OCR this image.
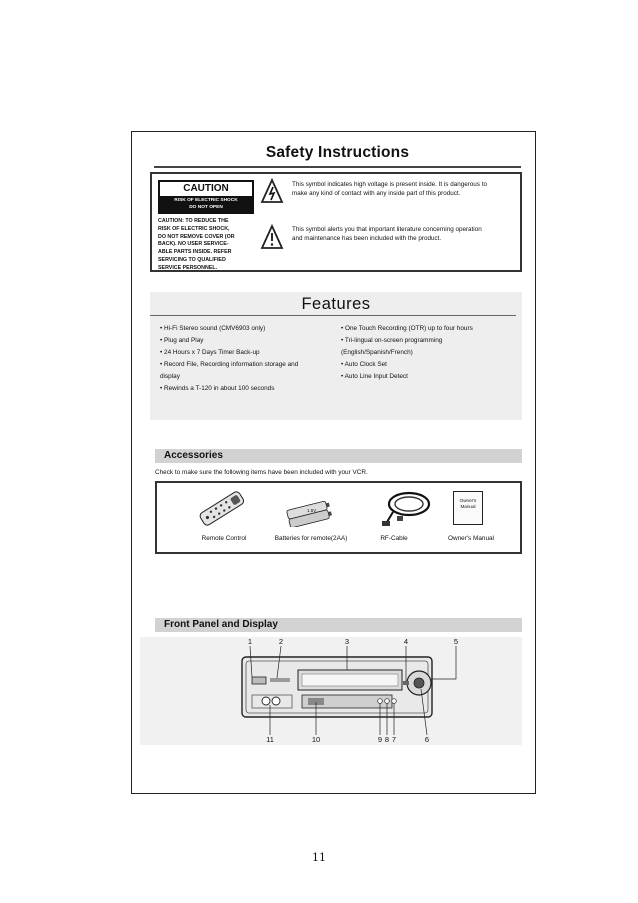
Safety Instructions
CAUTION
RISK OF ELECTRIC SHOCK
DO NOT OPEN
CAUTION: TO REDUCE THE
RISK OF ELECTRIC SHOCK,
DO NOT REMOVE COVER (OR
BACK). NO USER SERVICE-
ABLE PARTS INSIDE. REFER
SERVICING TO QUALIFIED
SERVICE PERSONNEL.
This symbol indicates high voltage is present inside. It is dangerous to
make any kind of contact with any inside part of this product.
This symbol alerts you that important literature concerning operation
and maintenance has been included with the product.
Features
• Hi-Fi Stereo sound (CMV6903 only)
• Plug and Play
• 24 Hours x 7 Days Timer Back-up
• Record File, Recording information storage and
display
• Rewinds a T-120 in about 100 seconds
• One Touch Recording (OTR) up to four hours
• Tri-lingual on-screen programming
(English/Spanish/French)
• Auto Clock Set
• Auto Line Input Detect
Accessories
Check to make sure the following items have been included with your VCR.
Remote Control
1.5V
Batteries for remote(2AA)	RF-Cable
Owner's
Manual
Owner's Manual
Front Panel and Display
1	2	3	4	5
11	10	9 8 7	6
11
